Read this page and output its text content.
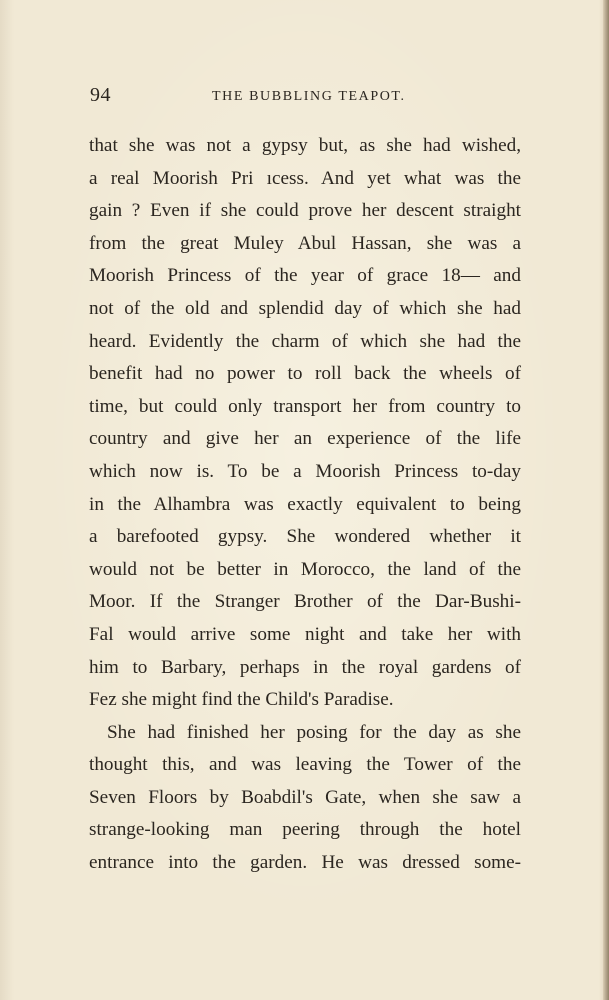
94	THE BUBBLING TEAPOT.
that she was not a gypsy but, as she had wished,
a real Moorish Pri ıcess. And yet what was the
gain ? Even if she could prove her descent straight
from the great Muley Abul Hassan, she was a
Moorish Princess of the year of grace 18— and
not of the old and splendid day of which she had
heard. Evidently the charm of which she had the
benefit had no power to roll back the wheels of
time, but could only transport her from country to
country and give her an experience of the life
which now is. To be a Moorish Princess to-day
in the Alhambra was exactly equivalent to being
a barefooted gypsy. She wondered whether it
would not be better in Morocco, the land of the
Moor. If the Stranger Brother of the Dar-Bushi-
Fal would arrive some night and take her with
him to Barbary, perhaps in the royal gardens of
Fez she might find the Child's Paradise.
She had finished her posing for the day as she
thought this, and was leaving the Tower of the
Seven Floors by Boabdil's Gate, when she saw a
strange-looking man peering through the hotel
entrance into the garden. He was dressed some-
